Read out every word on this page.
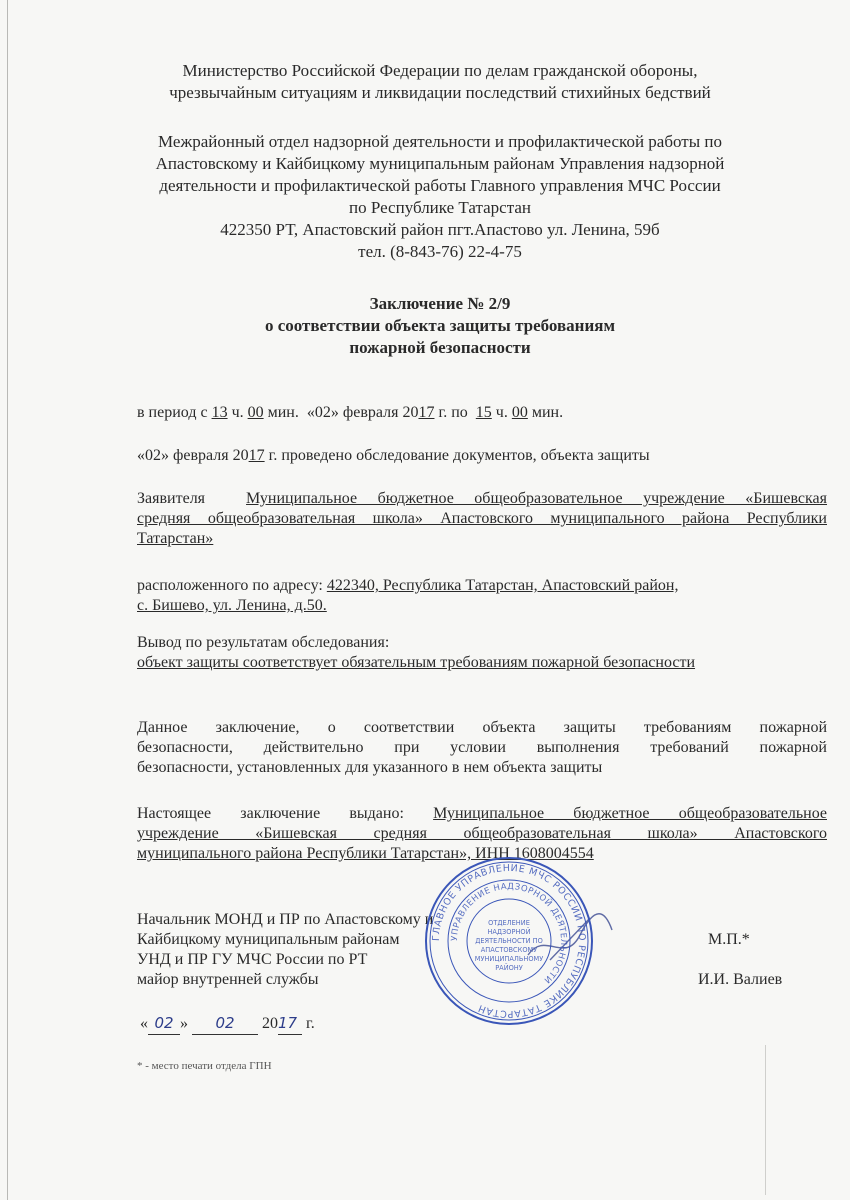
Министерство Российской Федерации по делам гражданской обороны,
чрезвычайным ситуациям и ликвидации последствий стихийных бедствий
Межрайонный отдел надзорной деятельности и профилактической работы по
Апастовскому и Кайбицкому муниципальным районам Управления надзорной
деятельности и профилактической работы Главного управления МЧС России
по Республике Татарстан
422350 РТ, Апастовский район пгт.Апастово ул. Ленина, 59б
тел. (8-843-76) 22-4-75
Заключение № 2/9
о соответствии объекта защиты требованиям
пожарной безопасности
в период с 13 ч. 00 мин. «02» февраля 2017 г. по 15 ч. 00 мин.
«02» февраля 2017 г. проведено обследование документов, объекта защиты
Заявителя	Муниципальное бюджетное общеобразовательное учреждение «Бишевская
средняя общеобразовательная школа» Апастовского муниципального района Республики
Татарстан»
расположенного по адресу: 422340, Республика Татарстан, Апастовский район,
с. Бишево, ул. Ленина, д.50.
Вывод по результатам обследования:
объект защиты соответствует обязательным требованиям пожарной безопасности
Данное заключение, о соответствии объекта защиты требованиям пожарной
безопасности, действительно при условии выполнения требований пожарной
безопасности, установленных для указанного в нем объекта защиты
Настоящее заключение выдано: Муниципальное бюджетное общеобразовательное
учреждение «Бишевская средняя общеобразовательная школа» Апастовского
муниципального района Республики Татарстан», ИНН 1608004554
Начальник МОНД и ПР по Апастовскому и
Кайбицкому муниципальным районам
УНД и ПР ГУ МЧС России по РТ
майор внутренней службы
М.П.*
И.И. Валиев
« 02 » 02 2017 г.
* - место печати отдела ГПН
ГЛАВНОЕ УПРАВЛЕНИЕ МЧС РОССИИ ПО РЕСПУБЛИКЕ ТАТАРСТАН
УПРАВЛЕНИЕ НАДЗОРНОЙ ДЕЯТЕЛЬНОСТИ
ОТДЕЛЕНИЕ
НАДЗОРНОЙ
ДЕЯТЕЛЬНОСТИ ПО
АПАСТОВСКОМУ
МУНИЦИПАЛЬНОМУ
РАЙОНУ
